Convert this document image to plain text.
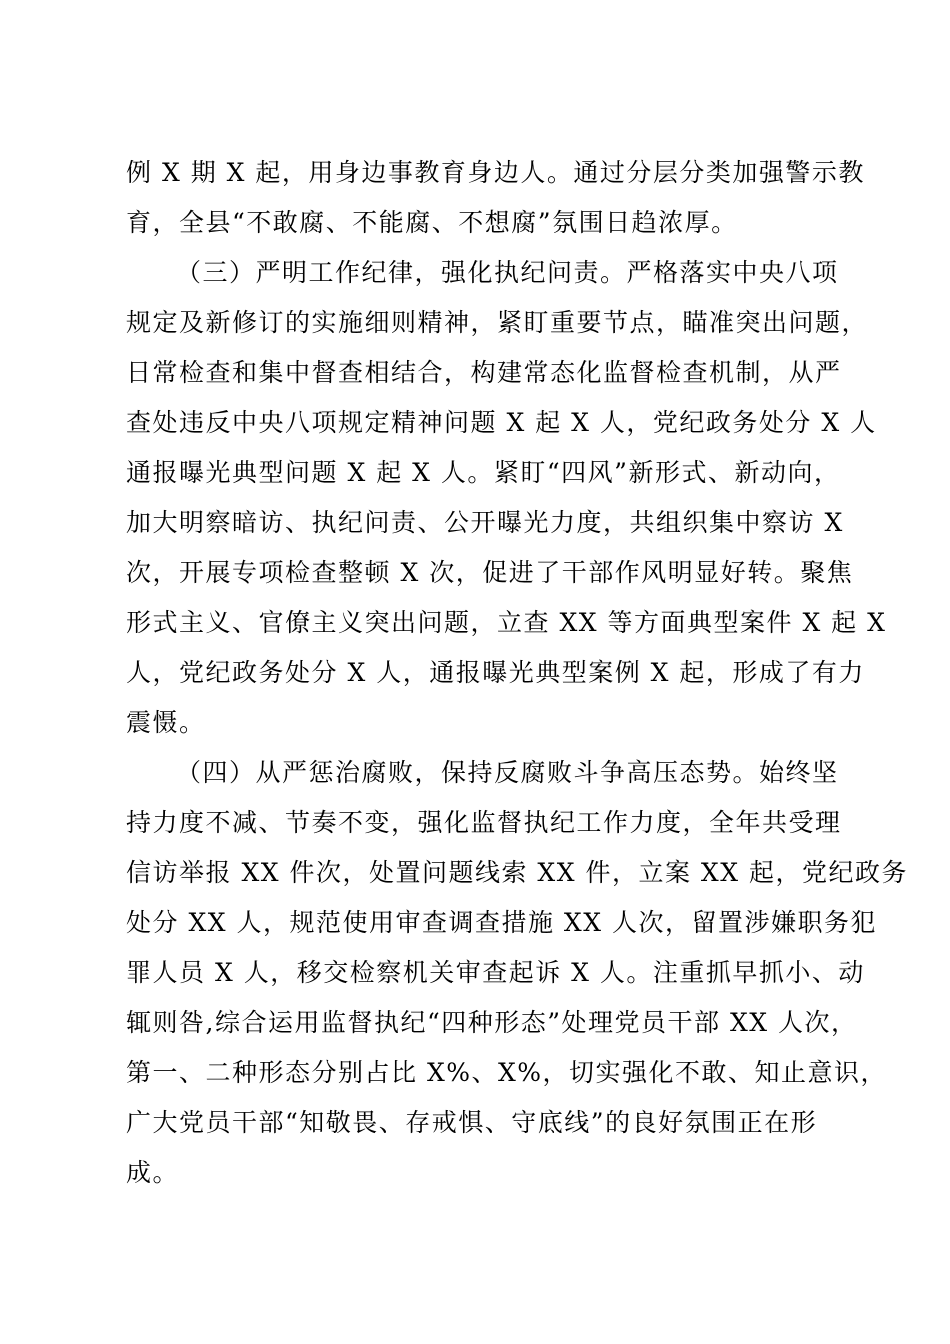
例 X 期 X 起，用身边事教育身边人。通过分层分类加强警示教
育，全县“不敢腐、不能腐、不想腐”氛围日趋浓厚。
（三）严明工作纪律，强化执纪问责。严格落实中央八项
规定及新修订的实施细则精神，紧盯重要节点，瞄准突出问题，
日常检查和集中督查相结合，构建常态化监督检查机制，从严
查处违反中央八项规定精神问题 X 起 X 人，党纪政务处分 X 人
通报曝光典型问题 X 起 X 人。紧盯“四风”新形式、新动向，
加大明察暗访、执纪问责、公开曝光力度，共组织集中察访 X
次，开展专项检查整顿 X 次，促进了干部作风明显好转。聚焦
形式主义、官僚主义突出问题，立查 XX 等方面典型案件 X 起 X
人，党纪政务处分 X 人，通报曝光典型案例 X 起，形成了有力
震慑。
（四）从严惩治腐败，保持反腐败斗争高压态势。始终坚
持力度不减、节奏不变，强化监督执纪工作力度，全年共受理
信访举报 XX 件次，处置问题线索 XX 件，立案 XX 起，党纪政务
处分 XX 人，规范使用审查调查措施 XX 人次，留置涉嫌职务犯
罪人员 X 人，移交检察机关审查起诉 X 人。注重抓早抓小、动
辄则咎,综合运用监督执纪“四种形态”处理党员干部 XX 人次，
第一、二种形态分别占比 X%、X%，切实强化不敢、知止意识，
广大党员干部“知敬畏、存戒惧、守底线”的良好氛围正在形
成。
